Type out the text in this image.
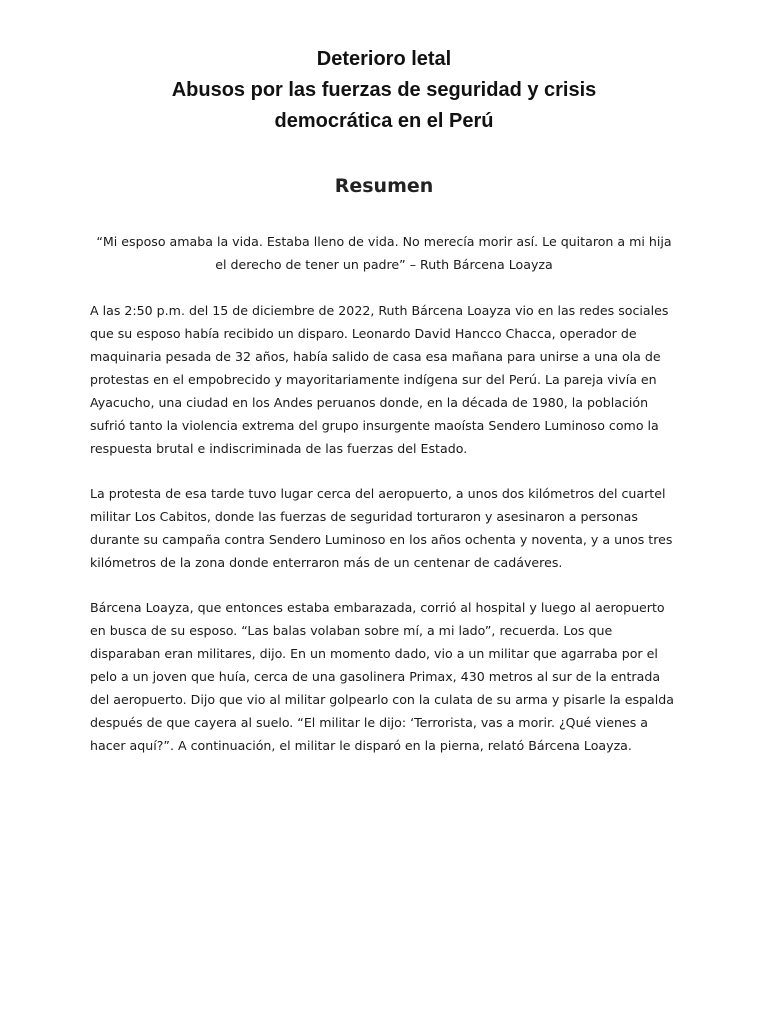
Deterioro letal

Abusos por las fuerzas de seguridad y crisis

democrática en el Perú

Resumen

“Mi esposo amaba la vida. Estaba lleno de vida. No merecía morir así. Le quitaron a mi hija el derecho de tener un padre” – Ruth Bárcena Loayza

A las 2:50 p.m. del 15 de diciembre de 2022, Ruth Bárcena Loayza vio en las redes sociales que su esposo había recibido un disparo. Leonardo David Hancco Chacca, operador de maquinaria pesada de 32 años, había salido de casa esa mañana para unirse a una ola de protestas en el empobrecido y mayoritariamente indígena sur del Perú. La pareja vivía en Ayacucho, una ciudad en los Andes peruanos donde, en la década de 1980, la población sufrió tanto la violencia extrema del grupo insurgente maoísta Sendero Luminoso como la respuesta brutal e indiscriminada de las fuerzas del Estado.

La protesta de esa tarde tuvo lugar cerca del aeropuerto, a unos dos kilómetros del cuartel militar Los Cabitos, donde las fuerzas de seguridad torturaron y asesinaron a personas durante su campaña contra Sendero Luminoso en los años ochenta y noventa, y a unos tres kilómetros de la zona donde enterraron más de un centenar de cadáveres.

Bárcena Loayza, que entonces estaba embarazada, corrió al hospital y luego al aeropuerto en busca de su esposo. “Las balas volaban sobre mí, a mi lado”, recuerda. Los que disparaban eran militares, dijo. En un momento dado, vio a un militar que agarraba por el pelo a un joven que huía, cerca de una gasolinera Primax, 430 metros al sur de la entrada del aeropuerto. Dijo que vio al militar golpearlo con la culata de su arma y pisarle la espalda después de que cayera al suelo. “El militar le dijo: ‘Terrorista, vas a morir. ¿Qué vienes a hacer aquí?”. A continuación, el militar le disparó en la pierna, relató Bárcena Loayza.
